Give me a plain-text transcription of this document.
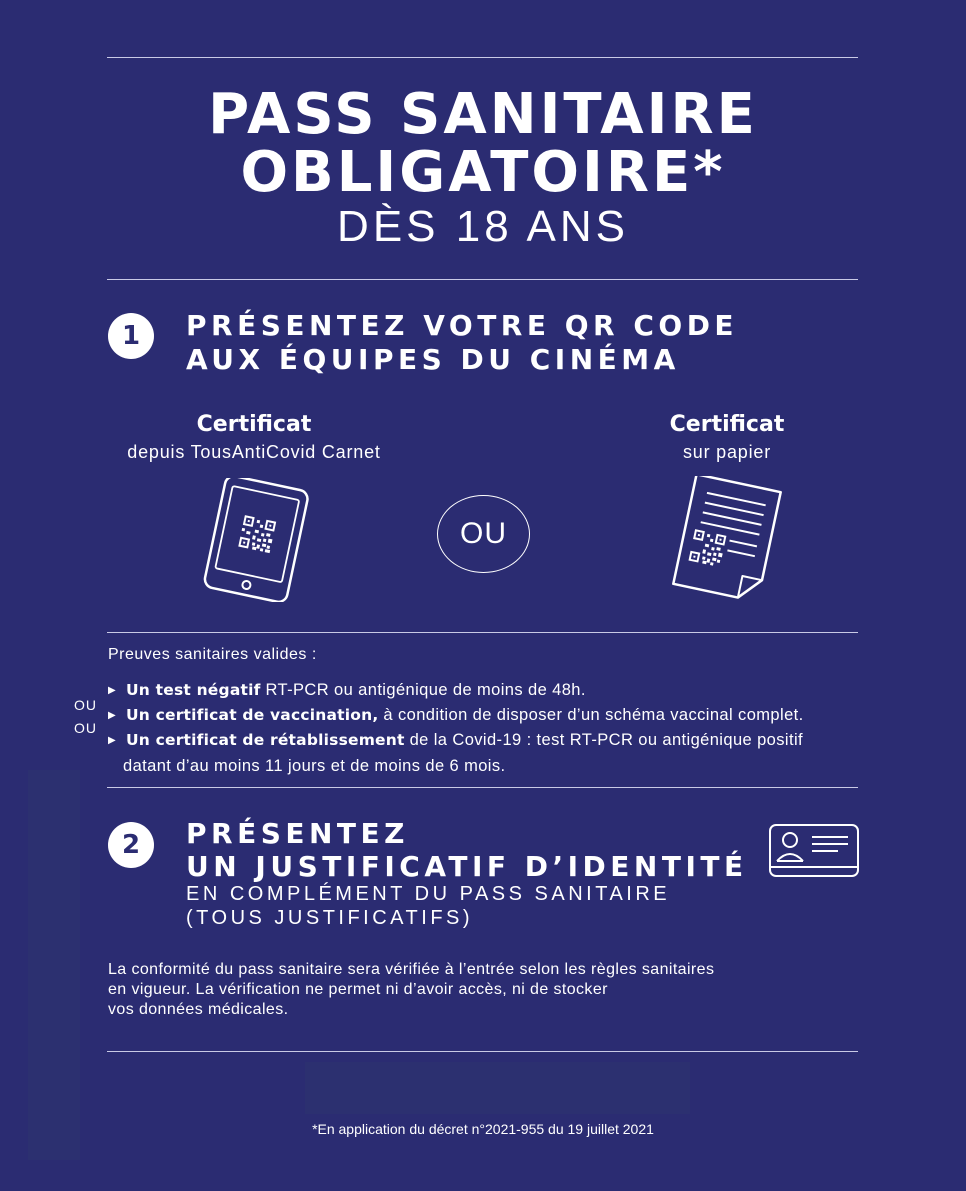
PASS SANITAIRE
OBLIGATOIRE*
DÈS 18 ANS
1	PRÉSENTEZ VOTRE QR CODE
AUX ÉQUIPES DU CINÉMA
Certificat
depuis TousAntiCovid Carnet
OU
Certificat
sur papier
Preuves sanitaires valides :
OU
OU
▶ Un test négatif RT-PCR ou antigénique de moins de 48h.
▶ Un certificat de vaccination, à condition de disposer d’un schéma vaccinal complet.
▶ Un certificat de rétablissement de la Covid-19 : test RT-PCR ou antigénique positif
datant d’au moins 11 jours et de moins de 6 mois.
2	PRÉSENTEZ
UN JUSTIFICATIF D’IDENTITÉ
EN COMPLÉMENT DU PASS SANITAIRE
(TOUS JUSTIFICATIFS)
La conformité du pass sanitaire sera vérifiée à l’entrée selon les règles sanitaires
en vigueur. La vérification ne permet ni d’avoir accès, ni de stocker
vos données médicales.
*En application du décret n°2021-955 du 19 juillet 2021
